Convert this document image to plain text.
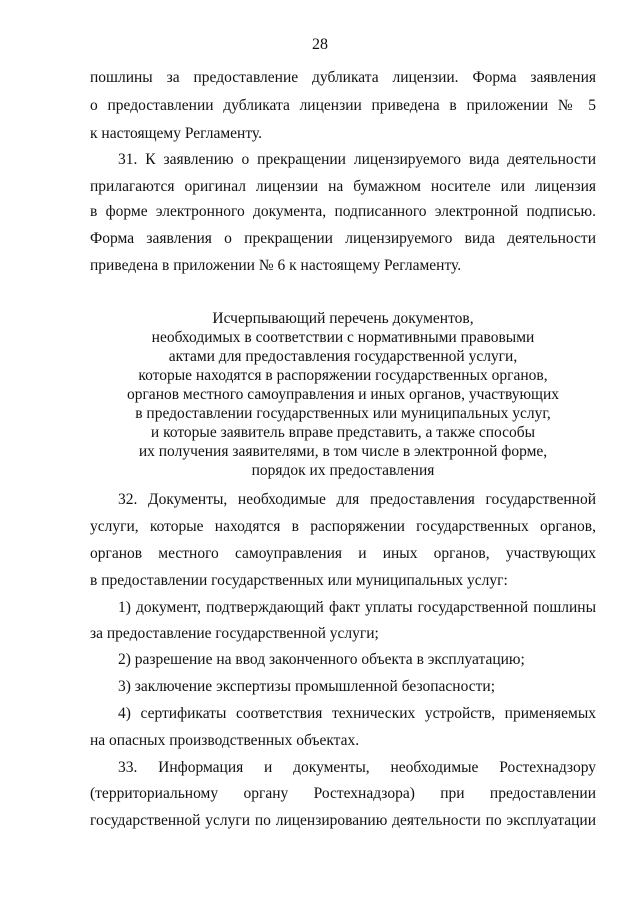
28
пошлины за предоставление дубликата лицензии. Форма заявления
о предоставлении дубликата лицензии приведена в приложении № 5
к настоящему Регламенту.
31. К заявлению о прекращении лицензируемого вида деятельности
прилагаются оригинал лицензии на бумажном носителе или лицензия
в форме электронного документа, подписанного электронной подписью.
Форма заявления о прекращении лицензируемого вида деятельности
приведена в приложении № 6 к настоящему Регламенту.
Исчерпывающий перечень документов,
необходимых в соответствии с нормативными правовыми
актами для предоставления государственной услуги,
которые находятся в распоряжении государственных органов,
органов местного самоуправления и иных органов, участвующих
в предоставлении государственных или муниципальных услуг,
и которые заявитель вправе представить, а также способы
их получения заявителями, в том числе в электронной форме,
порядок их предоставления
32. Документы, необходимые для предоставления государственной
услуги, которые находятся в распоряжении государственных органов,
органов местного самоуправления и иных органов, участвующих
в предоставлении государственных или муниципальных услуг:
1) документ, подтверждающий факт уплаты государственной пошлины
за предоставление государственной услуги;
2) разрешение на ввод законченного объекта в эксплуатацию;
3) заключение экспертизы промышленной безопасности;
4) сертификаты соответствия технических устройств, применяемых
на опасных производственных объектах.
33. Информация и документы, необходимые Ростехнадзору
(территориальному органу Ростехнадзора) при предоставлении
государственной услуги по лицензированию деятельности по эксплуатации
